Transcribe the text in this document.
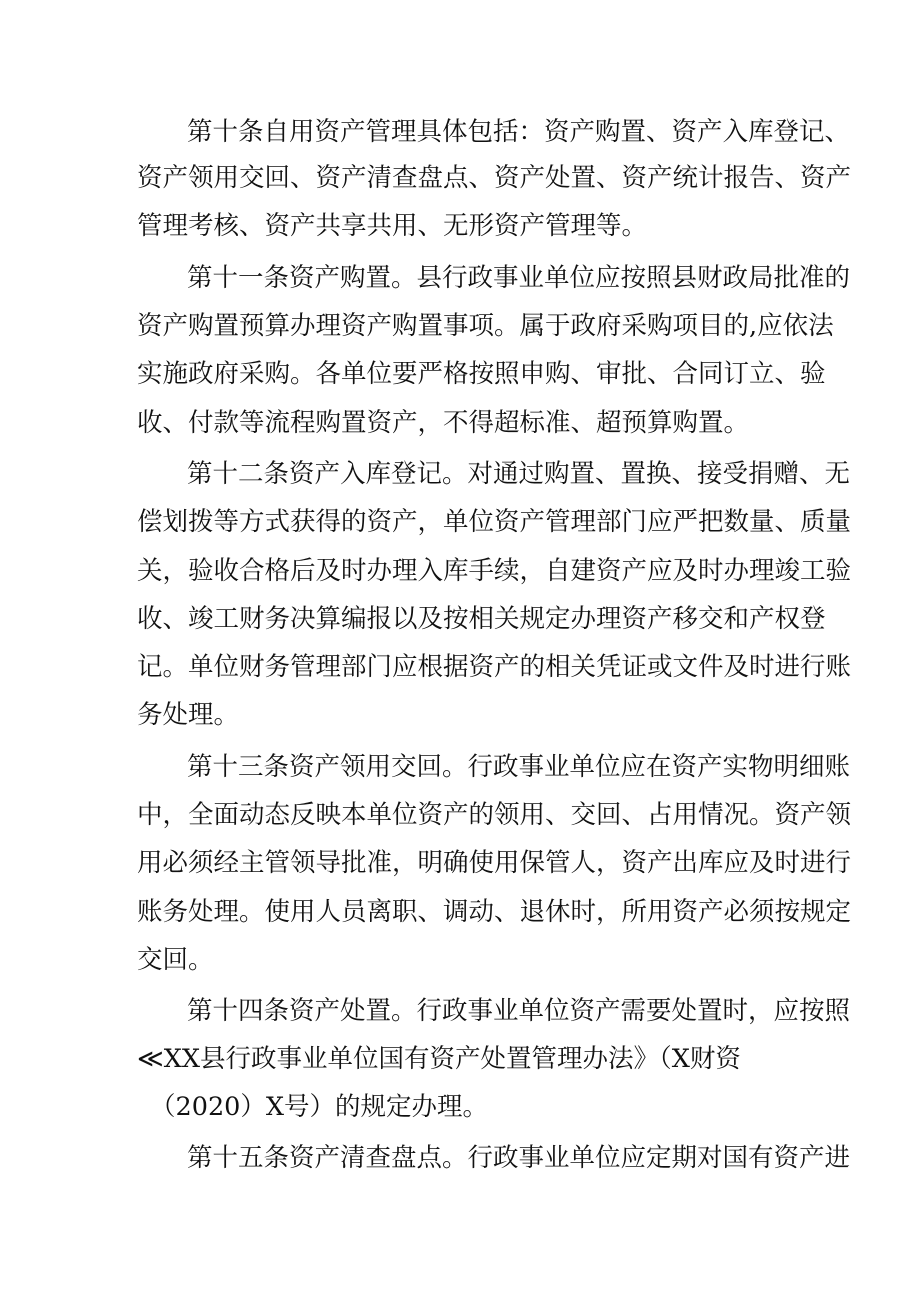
第十条自用资产管理具体包括：资产购置、资产入库登记、
资产领用交回、资产清查盘点、资产处置、资产统计报告、资产
管理考核、资产共享共用、无形资产管理等。
第十一条资产购置。县行政事业单位应按照县财政局批准的
资产购置预算办理资产购置事项。属于政府采购项目的,应依法
实施政府采购。各单位要严格按照申购、审批、合同订立、验
收、付款等流程购置资产，不得超标准、超预算购置。
第十二条资产入库登记。对通过购置、置换、接受捐赠、无
偿划拨等方式获得的资产，单位资产管理部门应严把数量、质量
关，验收合格后及时办理入库手续，自建资产应及时办理竣工验
收、竣工财务决算编报以及按相关规定办理资产移交和产权登
记。单位财务管理部门应根据资产的相关凭证或文件及时进行账
务处理。
第十三条资产领用交回。行政事业单位应在资产实物明细账
中，全面动态反映本单位资产的领用、交回、占用情况。资产领
用必须经主管领导批准，明确使用保管人，资产出库应及时进行
账务处理。使用人员离职、调动、退休时，所用资产必须按规定
交回。
第十四条资产处置。行政事业单位资产需要处置时，应按照
≪XX县行政事业单位国有资产处置管理办法》（X财资
（2020）X号）的规定办理。
第十五条资产清查盘点。行政事业单位应定期对国有资产进
